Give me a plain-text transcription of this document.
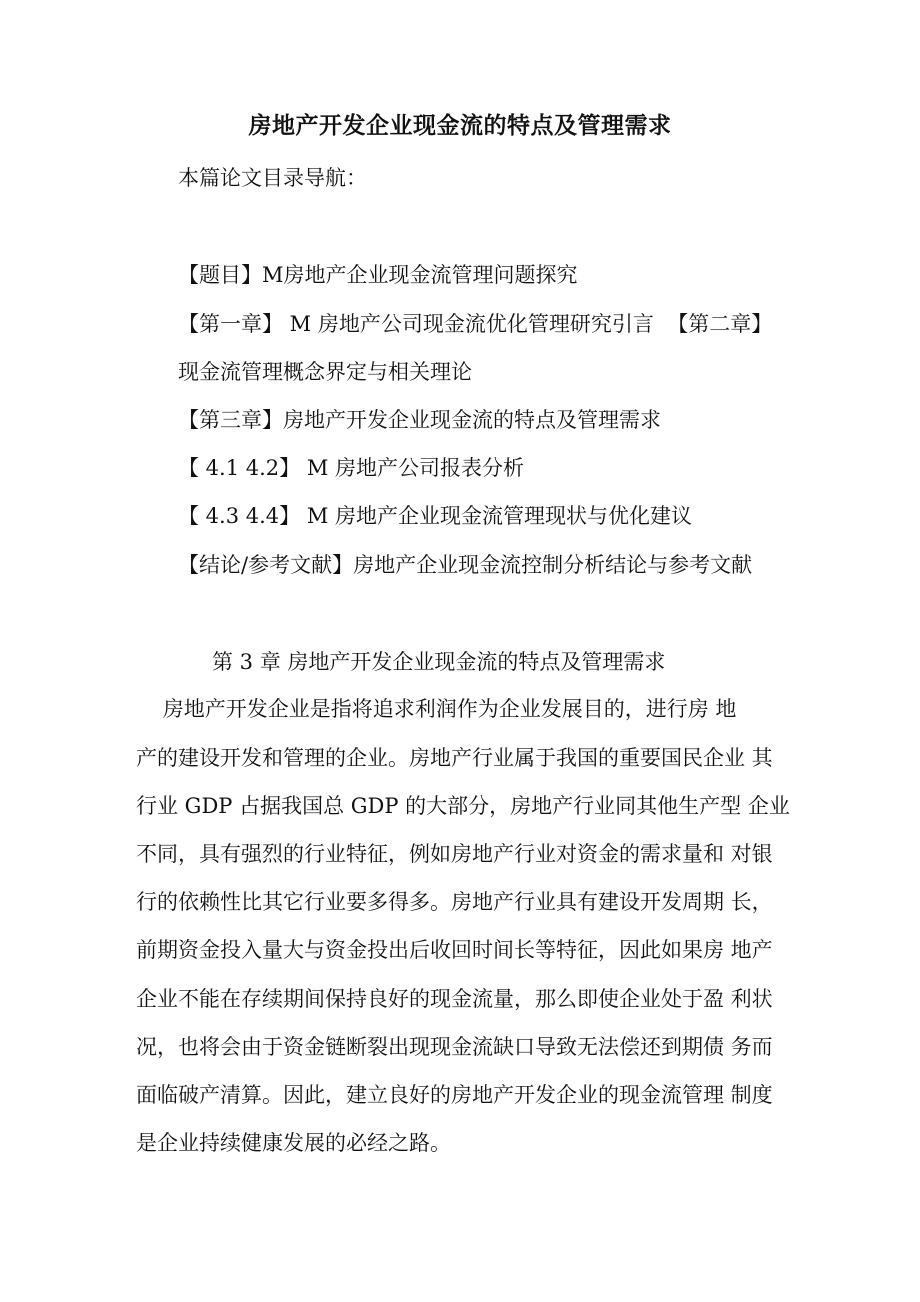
房地产开发企业现金流的特点及管理需求
本篇论文目录导航：
【题目】M房地产企业现金流管理问题探究
【第一章】 M 房地产公司现金流优化管理研究引言  【第二章】
现金流管理概念界定与相关理论
【第三章】房地产开发企业现金流的特点及管理需求
【 4.1 4.2】 M 房地产公司报表分析
【 4.3 4.4】 M 房地产企业现金流管理现状与优化建议
【结论/参考文献】房地产企业现金流控制分析结论与参考文献
第 3 章 房地产开发企业现金流的特点及管理需求
房地产开发企业是指将追求利润作为企业发展目的，进行房 地
产的建设开发和管理的企业。房地产行业属于我国的重要国民企业 其
行业 GDP 占据我国总 GDP 的大部分，房地产行业同其他生产型 企业
不同，具有强烈的行业特征，例如房地产行业对资金的需求量和 对银
行的依赖性比其它行业要多得多。房地产行业具有建设开发周期 长，
前期资金投入量大与资金投出后收回时间长等特征，因此如果房 地产
企业不能在存续期间保持良好的现金流量，那么即使企业处于盈 利状
况，也将会由于资金链断裂出现现金流缺口导致无法偿还到期债 务而
面临破产清算。因此，建立良好的房地产开发企业的现金流管理 制度
是企业持续健康发展的必经之路。
